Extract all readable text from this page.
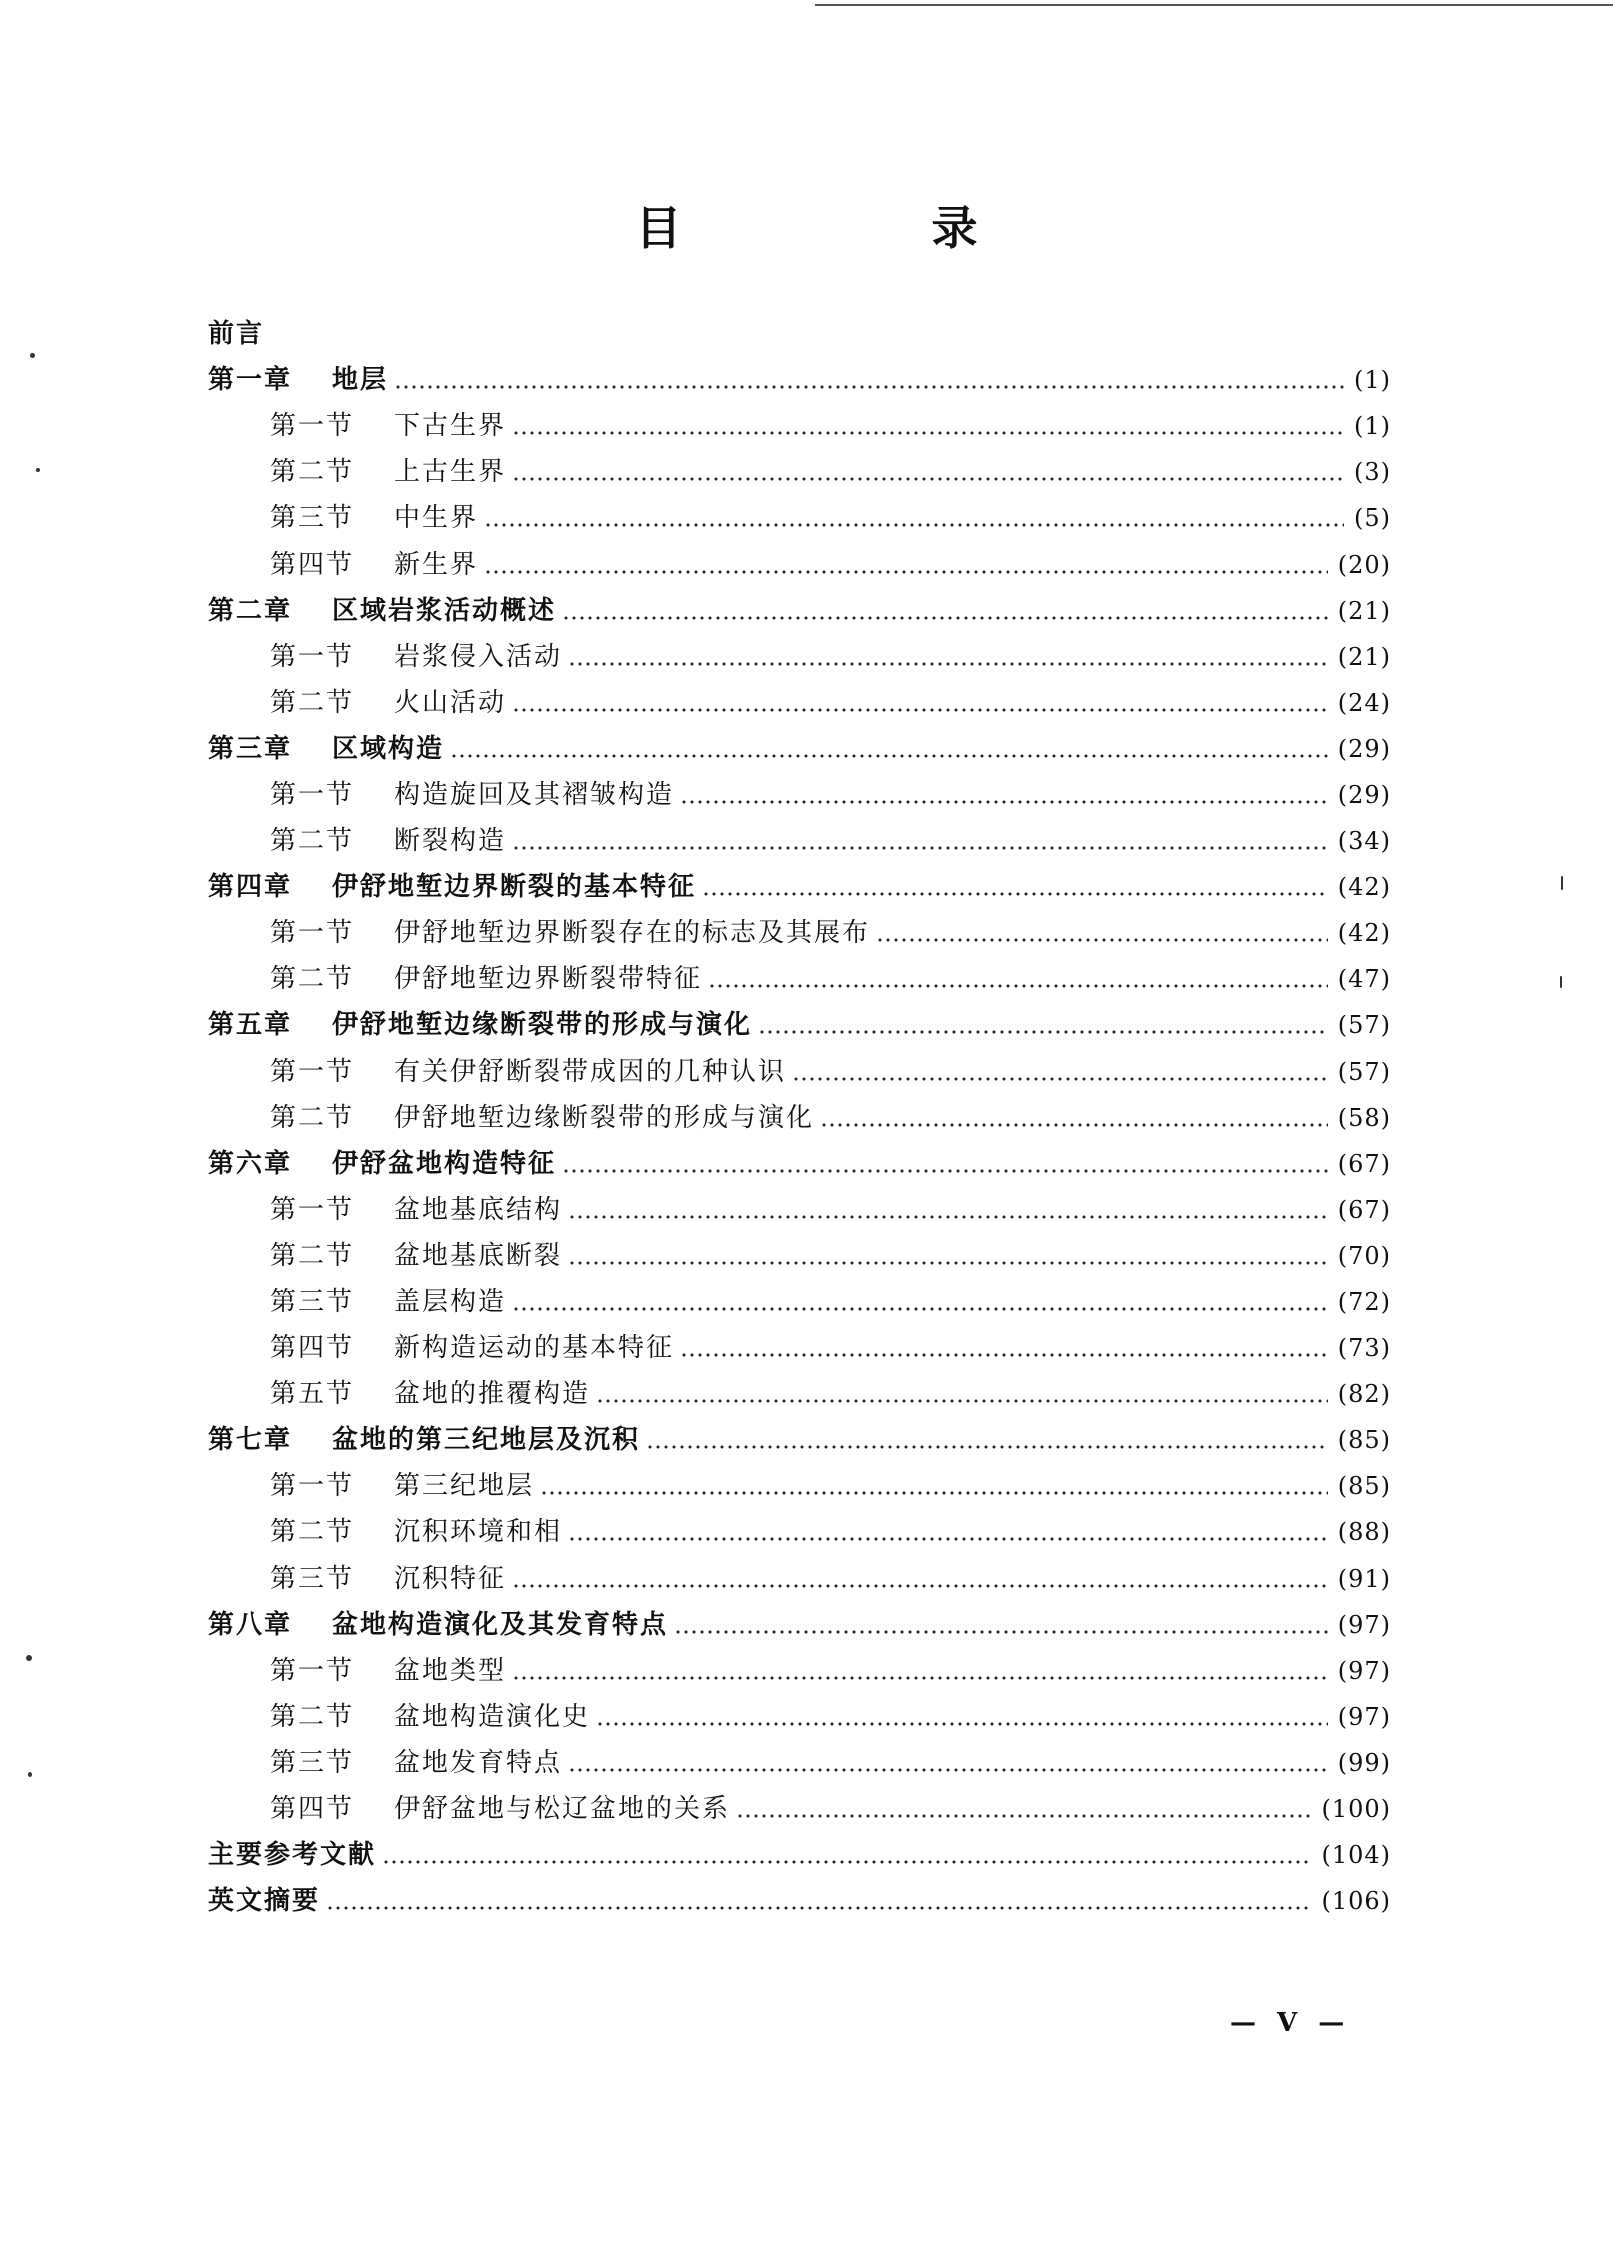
目　录
前言
第一章	地层	(1)
第一节	下古生界	(1)
第二节	上古生界	(3)
第三节	中生界	(5)
第四节	新生界	(20)
第二章	区域岩浆活动概述	(21)
第一节	岩浆侵入活动	(21)
第二节	火山活动	(24)
第三章	区域构造	(29)
第一节	构造旋回及其褶皱构造	(29)
第二节	断裂构造	(34)
第四章	伊舒地堑边界断裂的基本特征	(42)
第一节	伊舒地堑边界断裂存在的标志及其展布	(42)
第二节	伊舒地堑边界断裂带特征	(47)
第五章	伊舒地堑边缘断裂带的形成与演化	(57)
第一节	有关伊舒断裂带成因的几种认识	(57)
第二节	伊舒地堑边缘断裂带的形成与演化	(58)
第六章	伊舒盆地构造特征	(67)
第一节	盆地基底结构	(67)
第二节	盆地基底断裂	(70)
第三节	盖层构造	(72)
第四节	新构造运动的基本特征	(73)
第五节	盆地的推覆构造	(82)
第七章	盆地的第三纪地层及沉积	(85)
第一节	第三纪地层	(85)
第二节	沉积环境和相	(88)
第三节	沉积特征	(91)
第八章	盆地构造演化及其发育特点	(97)
第一节	盆地类型	(97)
第二节	盆地构造演化史	(97)
第三节	盆地发育特点	(99)
第四节	伊舒盆地与松辽盆地的关系	(100)
主要参考文献	(104)
英文摘要	(106)
— V —
